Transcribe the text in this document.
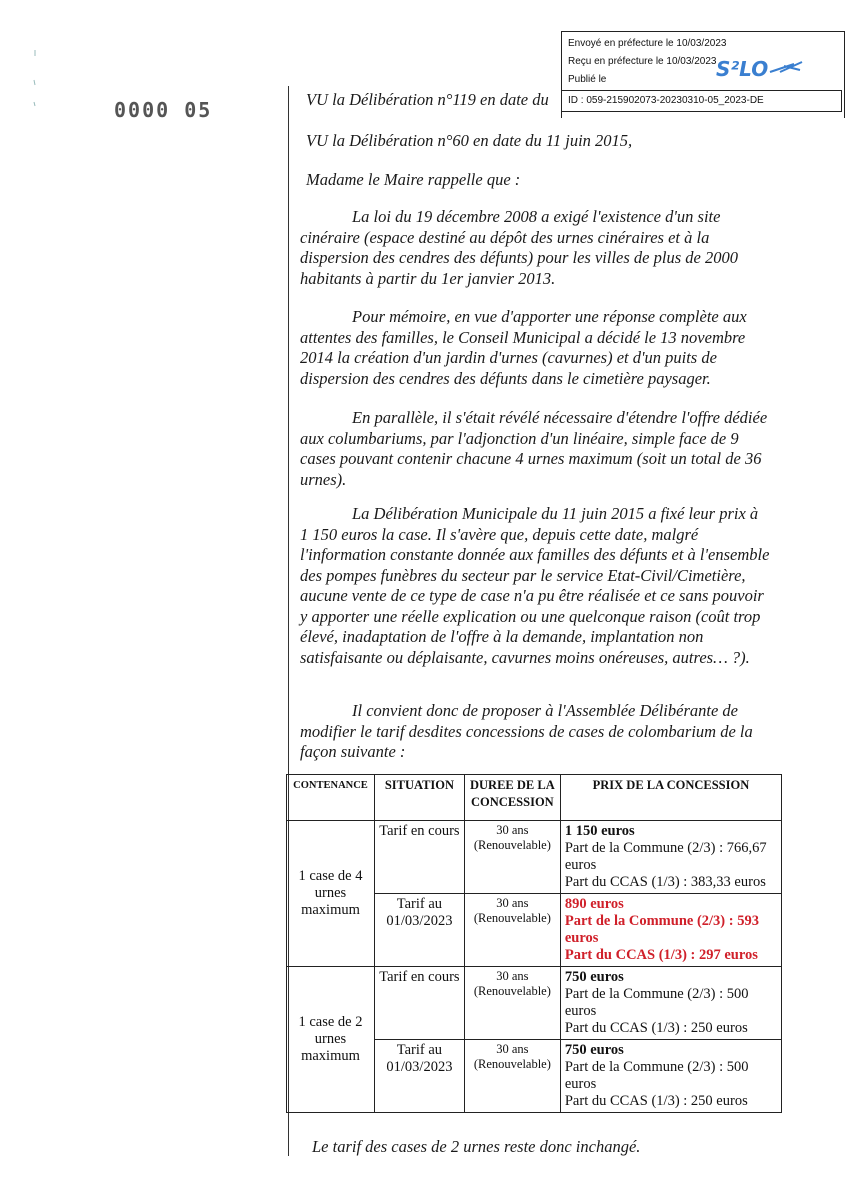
Envoyé en préfecture le 10/03/2023
Reçu en préfecture le 10/03/2023
Publié le	S²LO
ID : 059-215902073-20230310-05_2023-DE
0000 05	VU la Délibération n°119 en date du
VU la Délibération n°60 en date du 11 juin 2015,
Madame le Maire rappelle que :

La loi du 19 décembre 2008 a exigé l'existence d'un site cinéraire (espace destiné au dépôt des urnes cinéraires et à la dispersion des cendres des défunts) pour les villes de plus de 2000 habitants à partir du 1er janvier 2013.

Pour mémoire, en vue d'apporter une réponse complète aux attentes des familles, le Conseil Municipal a décidé le 13 novembre 2014 la création d'un jardin d'urnes (cavurnes) et d'un puits de dispersion des cendres des défunts dans le cimetière paysager.

En parallèle, il s'était révélé nécessaire d'étendre l'offre dédiée aux columbariums, par l'adjonction d'un linéaire, simple face de 9 cases pouvant contenir chacune 4 urnes maximum (soit un total de 36 urnes).

La Délibération Municipale du 11 juin 2015 a fixé leur prix à 1 150 euros la case. Il s'avère que, depuis cette date, malgré l'information constante donnée aux familles des défunts et à l'ensemble des pompes funèbres du secteur par le service Etat-Civil/Cimetière, aucune vente de ce type de case n'a pu être réalisée et ce sans pouvoir y apporter une réelle explication ou une quelconque raison (coût trop élevé, inadaptation de l'offre à la demande, implantation non satisfaisante ou déplaisante, cavurnes moins onéreuses, autres… ?).

Il convient donc de proposer à l'Assemblée Délibérante de modifier le tarif desdites concessions de cases de colombarium de la façon suivante :

CONTENANCE	SITUATION	DUREE DE LA CONCESSION	PRIX DE LA CONCESSION
1 case de 4 urnes maximum	Tarif en cours	30 ans (Renouvelable)	1 150 euros
Part de la Commune (2/3) : 766,67 euros
Part du CCAS (1/3) : 383,33 euros

	Tarif au 01/03/2023	30 ans (Renouvelable)	890 euros
Part de la Commune (2/3) : 593 euros
Part du CCAS (1/3) : 297 euros

1 case de 2 urnes maximum	Tarif en cours	30 ans (Renouvelable)	750 euros
Part de la Commune (2/3) : 500 euros
Part du CCAS (1/3) : 250 euros

	Tarif au 01/03/2023	30 ans (Renouvelable)	750 euros
Part de la Commune (2/3) : 500 euros
Part du CCAS (1/3) : 250 euros
Le tarif des cases de 2 urnes reste donc inchangé.
